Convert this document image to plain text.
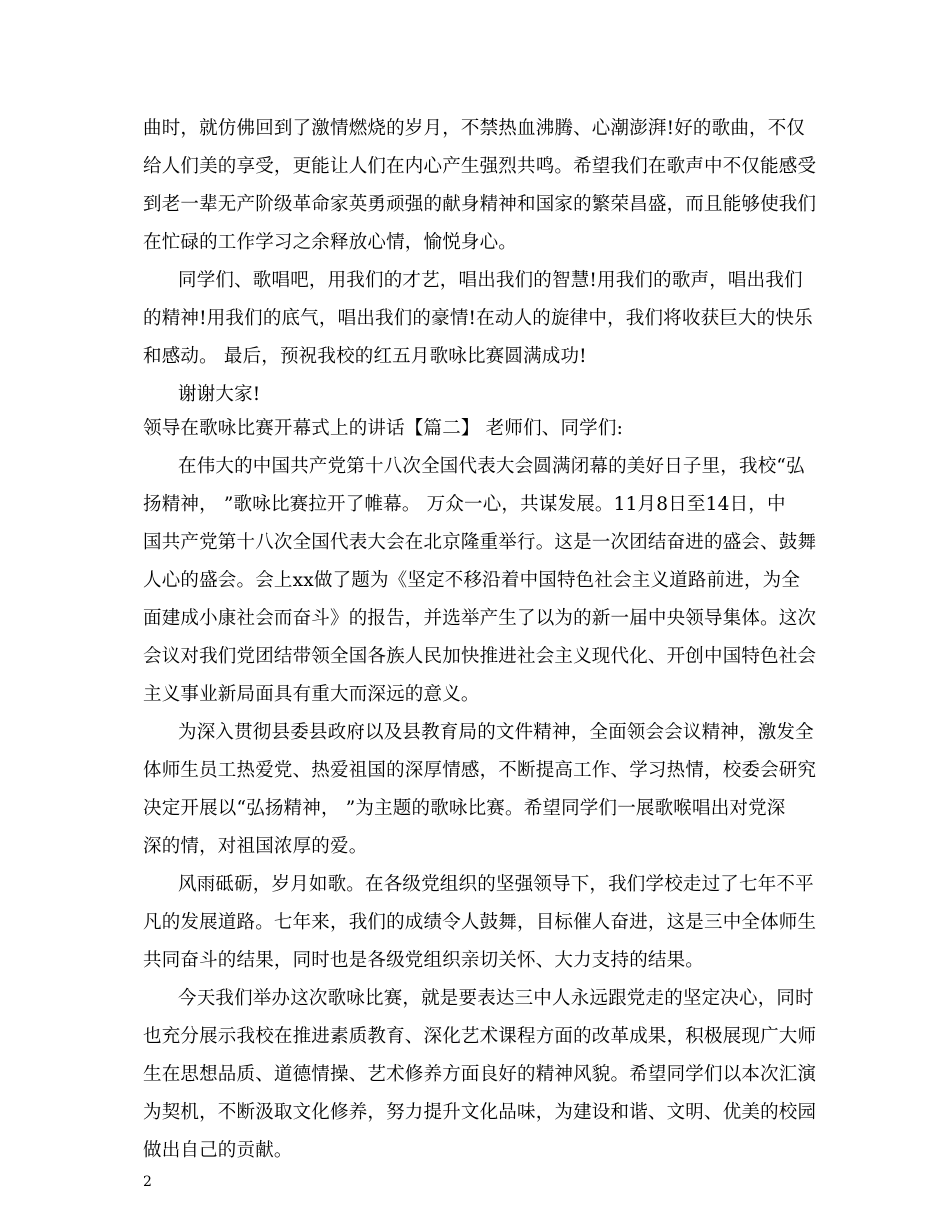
曲时，就仿佛回到了激情燃烧的岁月，不禁热血沸腾、心潮澎湃!好的歌曲，不仅
给人们美的享受，更能让人们在内心产生强烈共鸣。希望我们在歌声中不仅能感受
到老一辈无产阶级革命家英勇顽强的献身精神和国家的繁荣昌盛，而且能够使我们
在忙碌的工作学习之余释放心情，愉悦身心。
同学们、歌唱吧，用我们的才艺，唱出我们的智慧!用我们的歌声，唱出我们
的精神!用我们的底气，唱出我们的豪情!在动人的旋律中，我们将收获巨大的快乐
和感动。 最后，预祝我校的红五月歌咏比赛圆满成功!
谢谢大家!
领导在歌咏比赛开幕式上的讲话【篇二】 老师们、同学们:
在伟大的中国共产党第十八次全国代表大会圆满闭幕的美好日子里，我校“弘
扬精神， ”歌咏比赛拉开了帷幕。 万众一心，共谋发展。11月8日至14日，中
国共产党第十八次全国代表大会在北京隆重举行。这是一次团结奋进的盛会、鼓舞
人心的盛会。会上xx做了题为《坚定不移沿着中国特色社会主义道路前进，为全
面建成小康社会而奋斗》的报告，并选举产生了以为的新一届中央领导集体。这次
会议对我们党团结带领全国各族人民加快推进社会主义现代化、开创中国特色社会
主义事业新局面具有重大而深远的意义。
为深入贯彻县委县政府以及县教育局的文件精神，全面领会会议精神，激发全
体师生员工热爱党、热爱祖国的深厚情感，不断提高工作、学习热情，校委会研究
决定开展以“弘扬精神， ”为主题的歌咏比赛。希望同学们一展歌喉唱出对党深
深的情，对祖国浓厚的爱。
风雨砥砺，岁月如歌。在各级党组织的坚强领导下，我们学校走过了七年不平
凡的发展道路。七年来，我们的成绩令人鼓舞，目标催人奋进，这是三中全体师生
共同奋斗的结果，同时也是各级党组织亲切关怀、大力支持的结果。
今天我们举办这次歌咏比赛，就是要表达三中人永远跟党走的坚定决心，同时
也充分展示我校在推进素质教育、深化艺术课程方面的改革成果，积极展现广大师
生在思想品质、道德情操、艺术修养方面良好的精神风貌。希望同学们以本次汇演
为契机，不断汲取文化修养，努力提升文化品味，为建设和谐、文明、优美的校园
做出自己的贡献。
2
